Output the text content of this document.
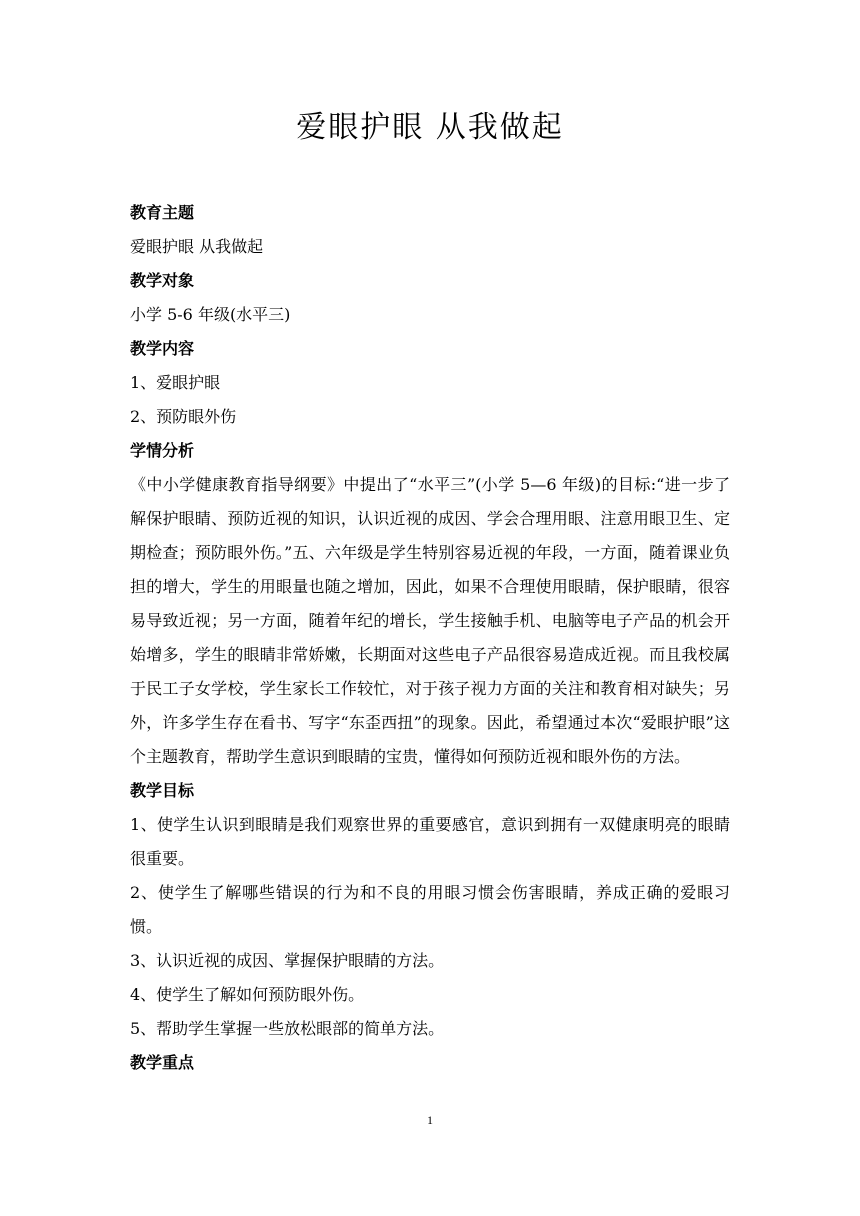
爱眼护眼 从我做起
教育主题
爱眼护眼 从我做起
教学对象
小学 5-6 年级(水平三)
教学内容
1、爱眼护眼
2、预防眼外伤
学情分析
《中小学健康教育指导纲要》中提出了“水平三”(小学 5—6 年级)的目标:“进一步了解保护眼睛、预防近视的知识，认识近视的成因、学会合理用眼、注意用眼卫生、定期检查；预防眼外伤。”五、六年级是学生特别容易近视的年段，一方面，随着课业负担的增大，学生的用眼量也随之增加，因此，如果不合理使用眼睛，保护眼睛，很容易导致近视；另一方面，随着年纪的增长，学生接触手机、电脑等电子产品的机会开始增多，学生的眼睛非常娇嫩，长期面对这些电子产品很容易造成近视。而且我校属于民工子女学校，学生家长工作较忙，对于孩子视力方面的关注和教育相对缺失；另外，许多学生存在看书、写字“东歪西扭”的现象。因此，希望通过本次“爱眼护眼”这个主题教育，帮助学生意识到眼睛的宝贵，懂得如何预防近视和眼外伤的方法。
教学目标
1、使学生认识到眼睛是我们观察世界的重要感官，意识到拥有一双健康明亮的眼睛很重要。
2、使学生了解哪些错误的行为和不良的用眼习惯会伤害眼睛，养成正确的爱眼习惯。
3、认识近视的成因、掌握保护眼睛的方法。
4、使学生了解如何预防眼外伤。
5、帮助学生掌握一些放松眼部的简单方法。
教学重点
1
